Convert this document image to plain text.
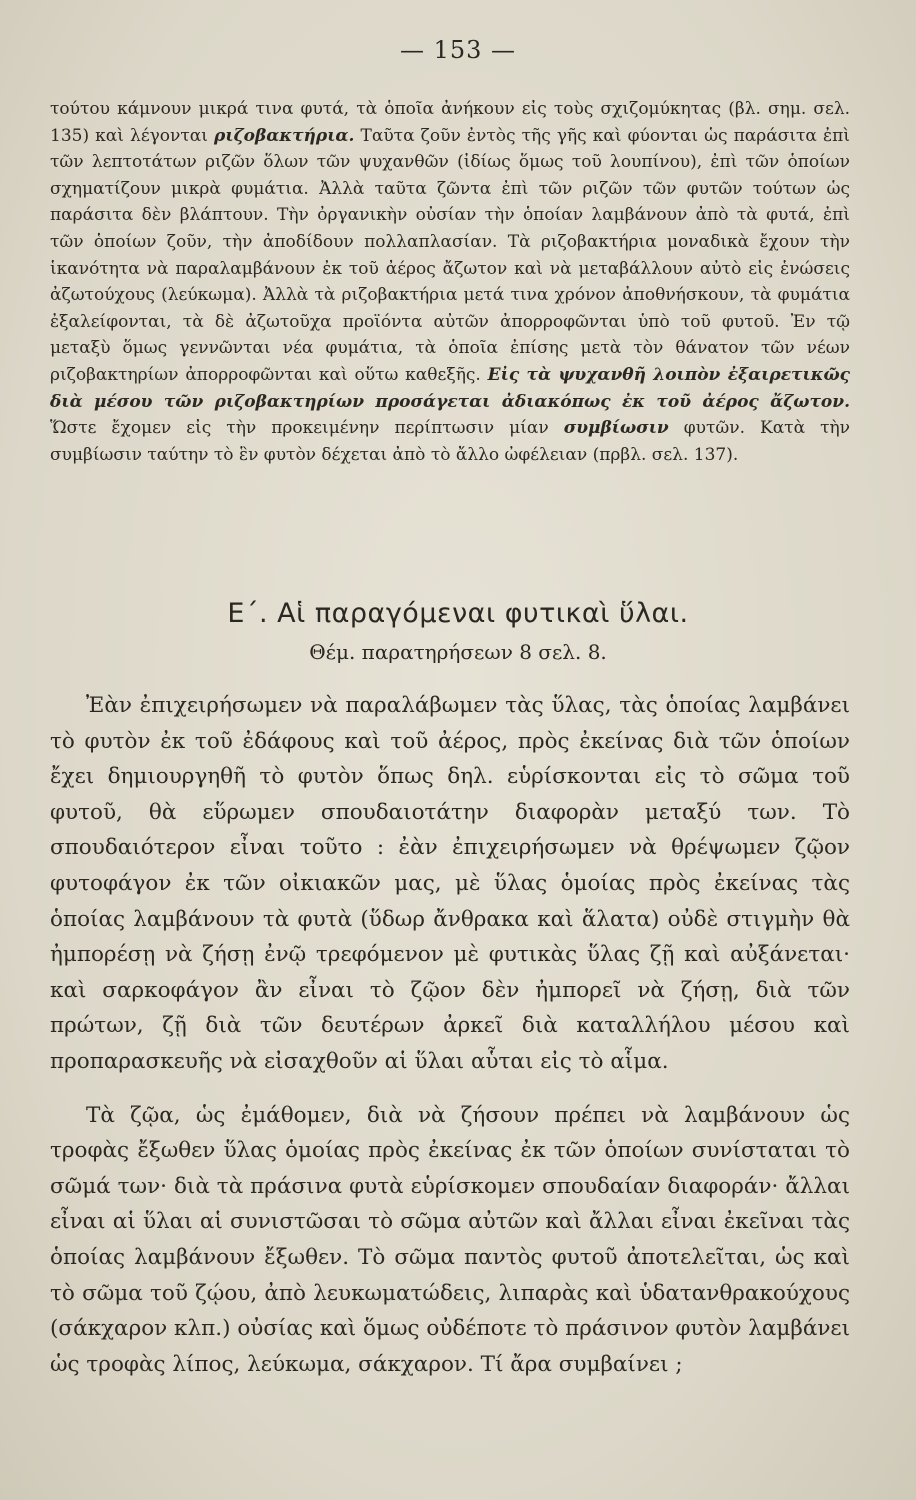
— 153 —
τούτου κάμνουν μικρά τινα φυτά, τὰ ὁποῖα ἀνήκουν εἰς τοὺς σχιζομύκητας (βλ. σημ. σελ. 135) καὶ λέγονται ριζοβακτήρια. Ταῦτα ζοῦν ἐντὸς τῆς γῆς καὶ φύονται ὡς παράσιτα ἐπὶ τῶν λεπτοτάτων ριζῶν ὅλων τῶν ψυχανθῶν (ἰδίως ὅμως τοῦ λουπίνου), ἐπὶ τῶν ὁποίων σχηματίζουν μικρὰ φυμάτια. Ἀλλὰ ταῦτα ζῶντα ἐπὶ τῶν ριζῶν τῶν φυτῶν τούτων ὡς παράσιτα δὲν βλάπτουν. Τὴν ὀργανικὴν οὐσίαν τὴν ὁποίαν λαμβάνουν ἀπὸ τὰ φυτά, ἐπὶ τῶν ὁποίων ζοῦν, τὴν ἀποδίδουν πολλαπλασίαν. Τὰ ριζοβακτήρια μοναδικὰ ἔχουν τὴν ἱκανότητα νὰ παραλαμβάνουν ἐκ τοῦ ἀέρος ἄζωτον καὶ νὰ μεταβάλλουν αὐτὸ εἰς ἑνώσεις ἀζωτούχους (λεύκωμα). Ἀλλὰ τὰ ριζοβακτήρια μετά τινα χρόνον ἀποθνήσκουν, τὰ φυμάτια ἐξαλείφονται, τὰ δὲ ἀζωτοῦχα προϊόντα αὐτῶν ἀπορροφῶνται ὑπὸ τοῦ φυτοῦ. Ἐν τῷ μεταξὺ ὅμως γεννῶνται νέα φυμάτια, τὰ ὁποῖα ἐπίσης μετὰ τὸν θάνατον τῶν νέων ριζοβακτηρίων ἀπορροφῶνται καὶ οὕτω καθεξῆς. Εἰς τὰ ψυχανθῆ λοιπὸν ἐξαιρετικῶς διὰ μέσου τῶν ριζοβακτηρίων προσάγεται ἀδιακόπως ἐκ τοῦ ἀέρος ἄζωτον. Ὥστε ἔχομεν εἰς τὴν προκειμένην περίπτωσιν μίαν συμβίωσιν φυτῶν. Κατὰ τὴν συμβίωσιν ταύτην τὸ ἓν φυτὸν δέχεται ἀπὸ τὸ ἄλλο ὠφέλειαν (πρβλ. σελ. 137).
Ε΄. Αἱ παραγόμεναι φυτικαὶ ὕλαι.
Θέμ. παρατηρήσεων 8 σελ. 8.

Ἐὰν ἐπιχειρήσωμεν νὰ παραλάβωμεν τὰς ὕλας, τὰς ὁποίας λαμβάνει τὸ φυτὸν ἐκ τοῦ ἐδάφους καὶ τοῦ ἀέρος, πρὸς ἐκείνας διὰ τῶν ὁποίων ἔχει δημιουργηθῆ τὸ φυτὸν ὅπως δηλ. εὑρίσκονται εἰς τὸ σῶμα τοῦ φυτοῦ, θὰ εὕρωμεν σπουδαιοτάτην διαφορὰν μεταξύ των. Τὸ σπουδαιότερον εἶναι τοῦτο : ἐὰν ἐπιχειρήσωμεν νὰ θρέψωμεν ζῷον φυτοφάγον ἐκ τῶν οἰκιακῶν μας, μὲ ὕλας ὁμοίας πρὸς ἐκείνας τὰς ὁποίας λαμβάνουν τὰ φυτὰ (ὕδωρ ἄνθρακα καὶ ἅλατα) οὐδὲ στιγμὴν θὰ ἠμπορέσῃ νὰ ζήσῃ ἐνῷ τρεφόμενον μὲ φυτικὰς ὕλας ζῇ καὶ αὐξάνεται· καὶ σαρκοφάγον ἂν εἶναι τὸ ζῷον δὲν ἠμπορεῖ νὰ ζήσῃ, διὰ τῶν πρώτων, ζῇ διὰ τῶν δευτέρων ἀρκεῖ διὰ καταλλήλου μέσου καὶ προπαρασκευῆς νὰ εἰσαχθοῦν αἱ ὕλαι αὗται εἰς τὸ αἷμα.

Τὰ ζῷα, ὡς ἐμάθομεν, διὰ νὰ ζήσουν πρέπει νὰ λαμβάνουν ὡς τροφὰς ἔξωθεν ὕλας ὁμοίας πρὸς ἐκείνας ἐκ τῶν ὁποίων συνίσταται τὸ σῶμά των· διὰ τὰ πράσινα φυτὰ εὑρίσκομεν σπουδαίαν διαφοράν· ἄλλαι εἶναι αἱ ὕλαι αἱ συνιστῶσαι τὸ σῶμα αὐτῶν καὶ ἄλλαι εἶναι ἐκεῖναι τὰς ὁποίας λαμβάνουν ἔξωθεν. Τὸ σῶμα παντὸς φυτοῦ ἀποτελεῖται, ὡς καὶ τὸ σῶμα τοῦ ζῴου, ἀπὸ λευκωματώδεις, λιπαρὰς καὶ ὑδατανθρακούχους (σάκχαρον κλπ.) οὐσίας καὶ ὅμως οὐδέποτε τὸ πράσινον φυτὸν λαμβάνει ὡς τροφὰς λίπος, λεύκωμα, σάκχαρον. Τί ἄρα συμβαίνει ;
